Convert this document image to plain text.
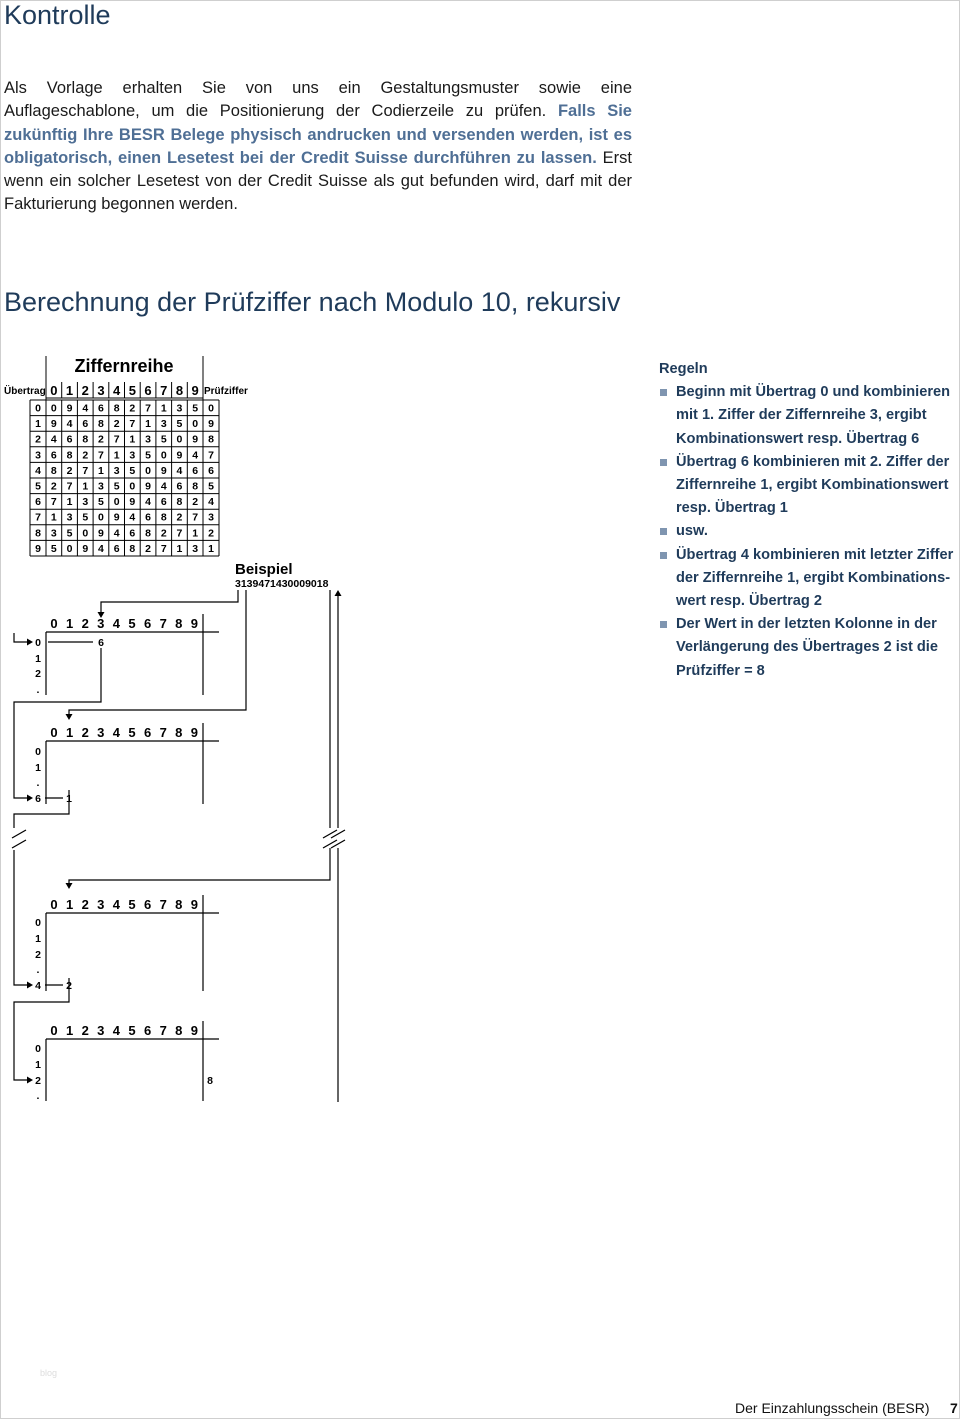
Kontrolle
Als Vorlage erhalten Sie von uns ein Gestaltungsmuster sowie eine Auflageschablone, um die Positionierung der Codierzeile zu prüfen. Falls Sie zukünftig Ihre BESR Belege physisch andrucken und versenden werden, ist es obligatorisch, einen Lesetest bei der Credit Suisse durchführen zu lassen. Erst wenn ein solcher Lesetest von der Credit Suisse als gut befunden wird, darf mit der Fakturierung begonnen werden.
Berechnung der Prüfziffer nach Modulo 10, rekursiv
Ziffernreihe
Übertrag	Prüfziffer
0 1 2 3 4 5 6 7 8 9
0 0 9 4 6 8 2 7 1 3 5 0
1 9 4 6 8 2 7 1 3 5 0 9
2 4 6 8 2 7 1 3 5 0 9 8
3 6 8 2 7 1 3 5 0 9 4 7
4 8 2 7 1 3 5 0 9 4 6 6
5 2 7 1 3 5 0 9 4 6 8 5
6 7 1 3 5 0 9 4 6 8 2 4
7 1 3 5 0 9 4 6 8 2 7 3
8 3 5 0 9 4 6 8 2 7 1 2
9 5 0 9 4 6 8 2 7 1 3 1
Beispiel
3139471430009018
0 1 2 3 4 5 6 7 8 9
0
1
2
.
6
0 1 2 3 4 5 6 7 8 9
0
1
.
6 1
0 1 2 3 4 5 6 7 8 9
0
1
2
.
4 2
0 1 2 3 4 5 6 7 8 9
0
1
2
.
8

Regeln

Beginn mit Übertrag 0 und kombinieren mit 1. Ziffer der Ziffernreihe 3, ergibt Kombinationswert resp. Übertrag 6
Übertrag 6 kombinieren mit 2. Ziffer der Ziffernreihe 1, ergibt Kombinationswert resp. Übertrag 1
usw.
Übertrag 4 kombinieren mit letzter Ziffer der Ziffernreihe 1, ergibt Kombinations-wert resp. Übertrag 2
Der Wert in der letzten Kolonne in der Verlängerung des Übertrages 2 ist die Prüfziffer = 8
blog
Der Einzahlungsschein (BESR) 7
